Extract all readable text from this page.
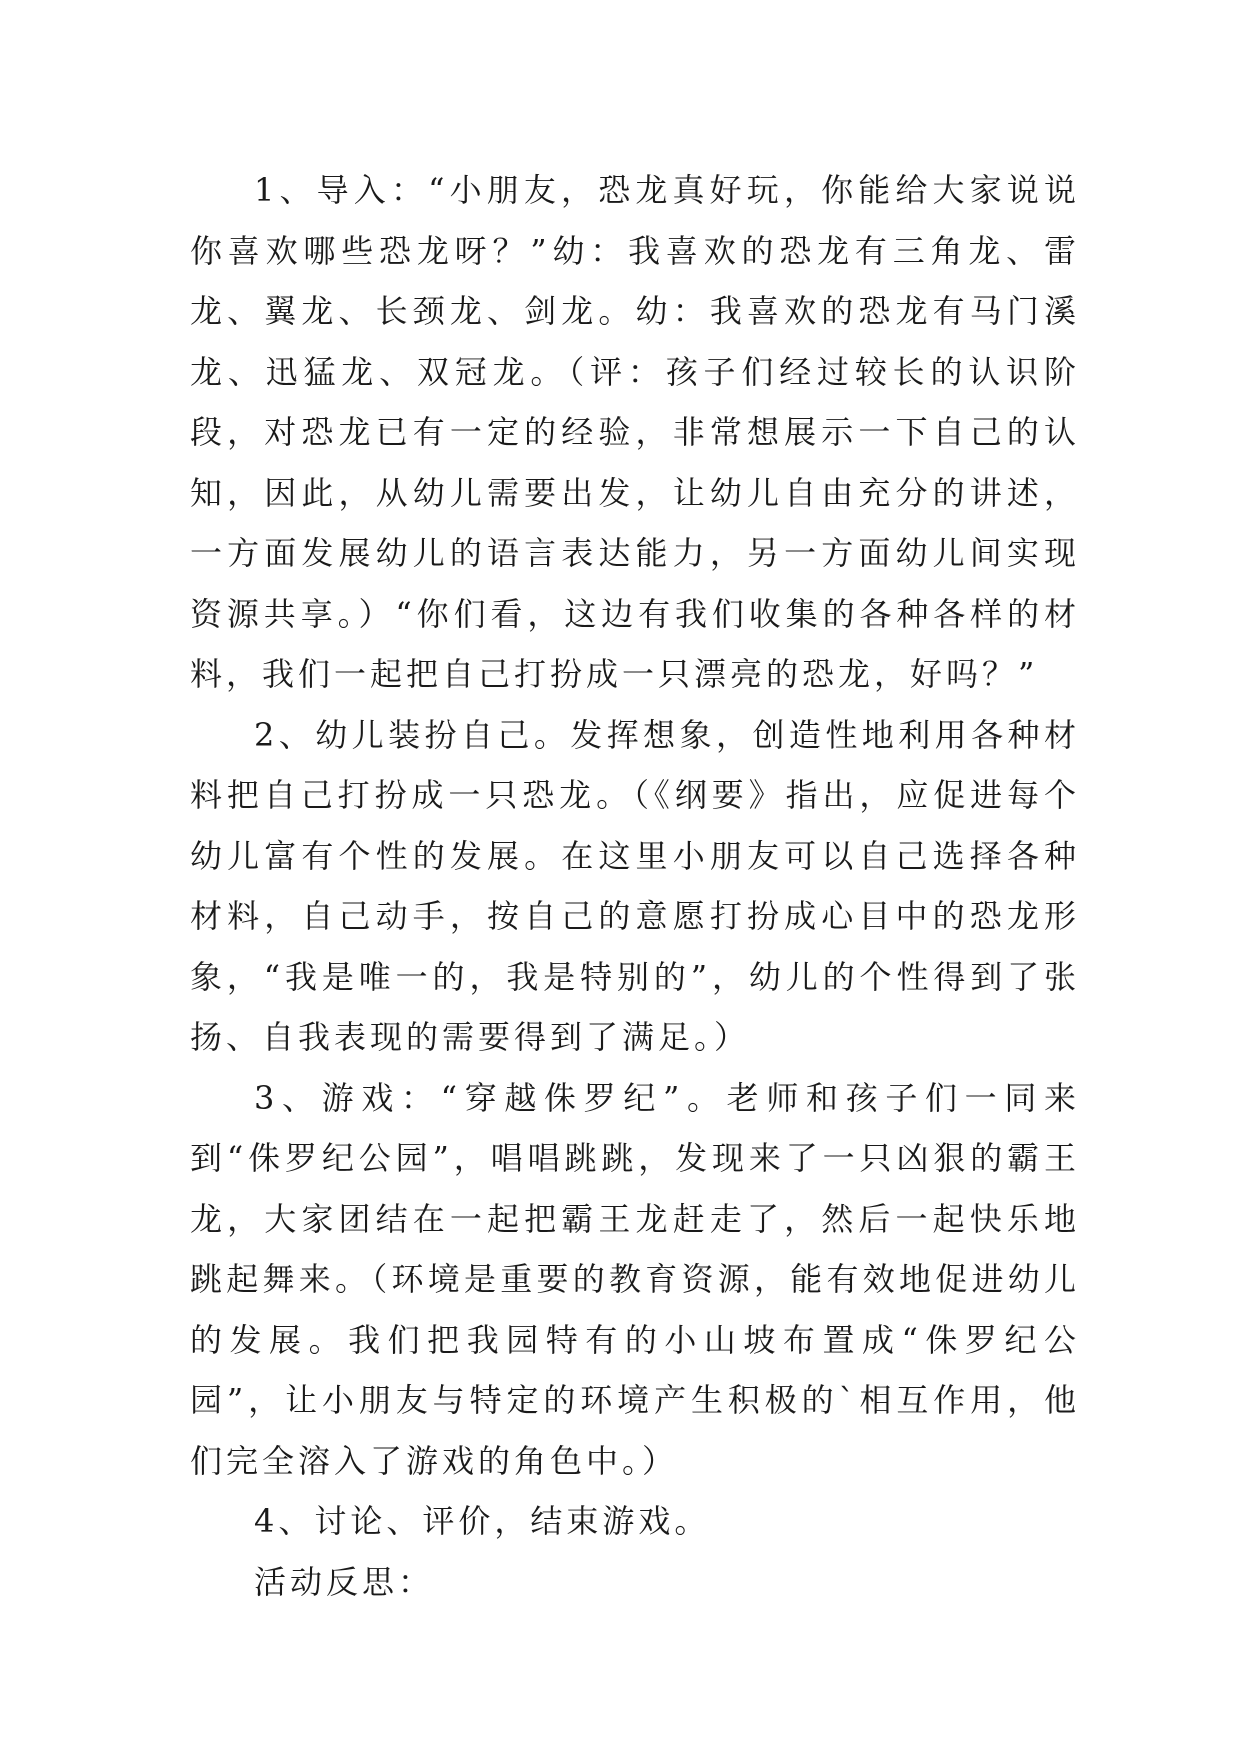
1、导入：“小朋友，恐龙真好玩，你能给大家说说你喜欢哪些恐龙呀？”幼：我喜欢的恐龙有三角龙、雷龙、翼龙、长颈龙、剑龙。幼：我喜欢的恐龙有马门溪龙、迅猛龙、双冠龙。（评：孩子们经过较长的认识阶段，对恐龙已有一定的经验，非常想展示一下自己的认知，因此，从幼儿需要出发，让幼儿自由充分的讲述，一方面发展幼儿的语言表达能力，另一方面幼儿间实现资源共享。）“你们看，这边有我们收集的各种各样的材料，我们一起把自己打扮成一只漂亮的恐龙，好吗？”

2、幼儿装扮自己。发挥想象，创造性地利用各种材料把自己打扮成一只恐龙。（《纲要》指出，应促进每个幼儿富有个性的发展。在这里小朋友可以自己选择各种材料，自己动手，按自己的意愿打扮成心目中的恐龙形象，“我是唯一的，我是特别的”，幼儿的个性得到了张扬、自我表现的需要得到了满足。）

3、游戏：“穿越侏罗纪”。老师和孩子们一同来到“侏罗纪公园”，唱唱跳跳，发现来了一只凶狠的霸王龙，大家团结在一起把霸王龙赶走了，然后一起快乐地跳起舞来。（环境是重要的教育资源，能有效地促进幼儿的发展。我们把我园特有的小山坡布置成“侏罗纪公园”，让小朋友与特定的环境产生积极的`相互作用，他们完全溶入了游戏的角色中。）

4、讨论、评价，结束游戏。

活动反思：
